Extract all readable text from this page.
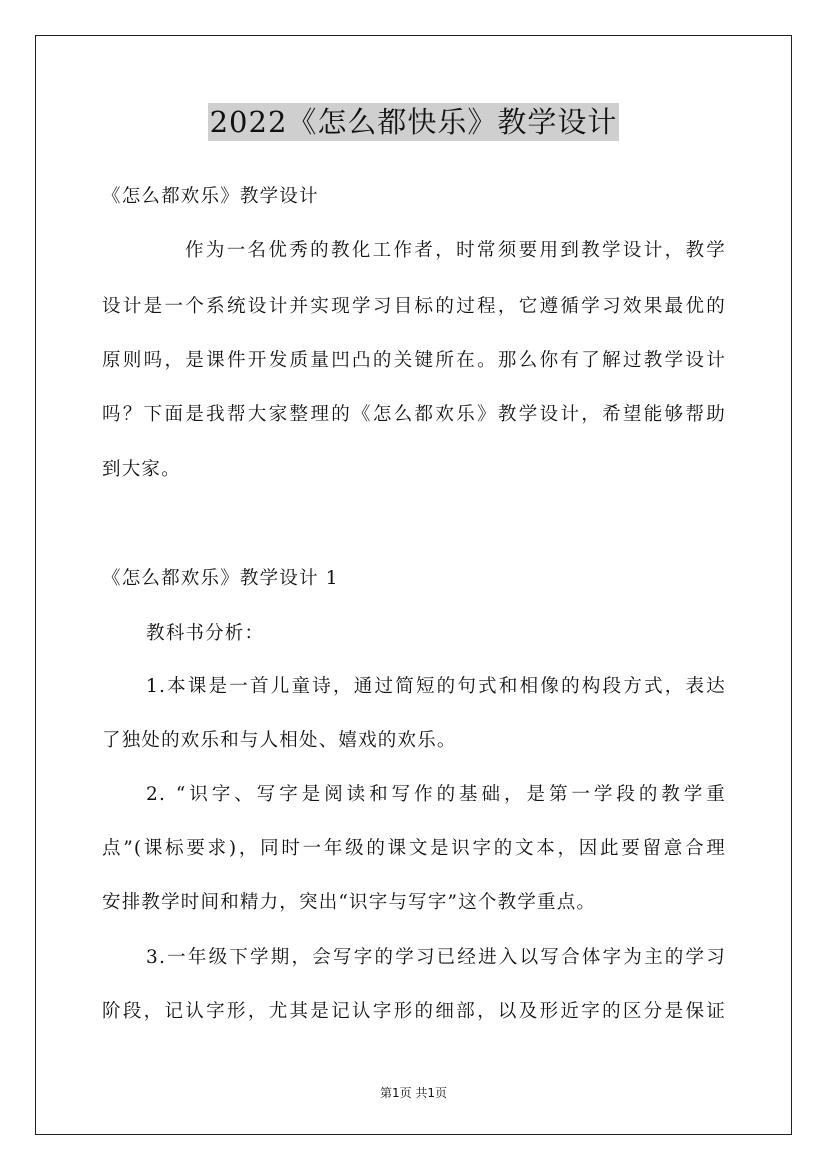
2022《怎么都快乐》教学设计
《怎么都欢乐》教学设计
作为一名优秀的教化工作者，时常须要用到教学设计，教学
设计是一个系统设计并实现学习目标的过程，它遵循学习效果最优的
原则吗，是课件开发质量凹凸的关键所在。那么你有了解过教学设计
吗？下面是我帮大家整理的《怎么都欢乐》教学设计，希望能够帮助
到大家。
《怎么都欢乐》教学设计 1
教科书分析：
1.本课是一首儿童诗，通过简短的句式和相像的构段方式，表达
了独处的欢乐和与人相处、嬉戏的欢乐。
2. “识字、写字是阅读和写作的基础，是第一学段的教学重
点”(课标要求)，同时一年级的课文是识字的文本，因此要留意合理
安排教学时间和精力，突出“识字与写字”这个教学重点。
3.一年级下学期，会写字的学习已经进入以写合体字为主的学习
阶段，记认字形，尤其是记认字形的细部，以及形近字的区分是保证
第1页 共1页
